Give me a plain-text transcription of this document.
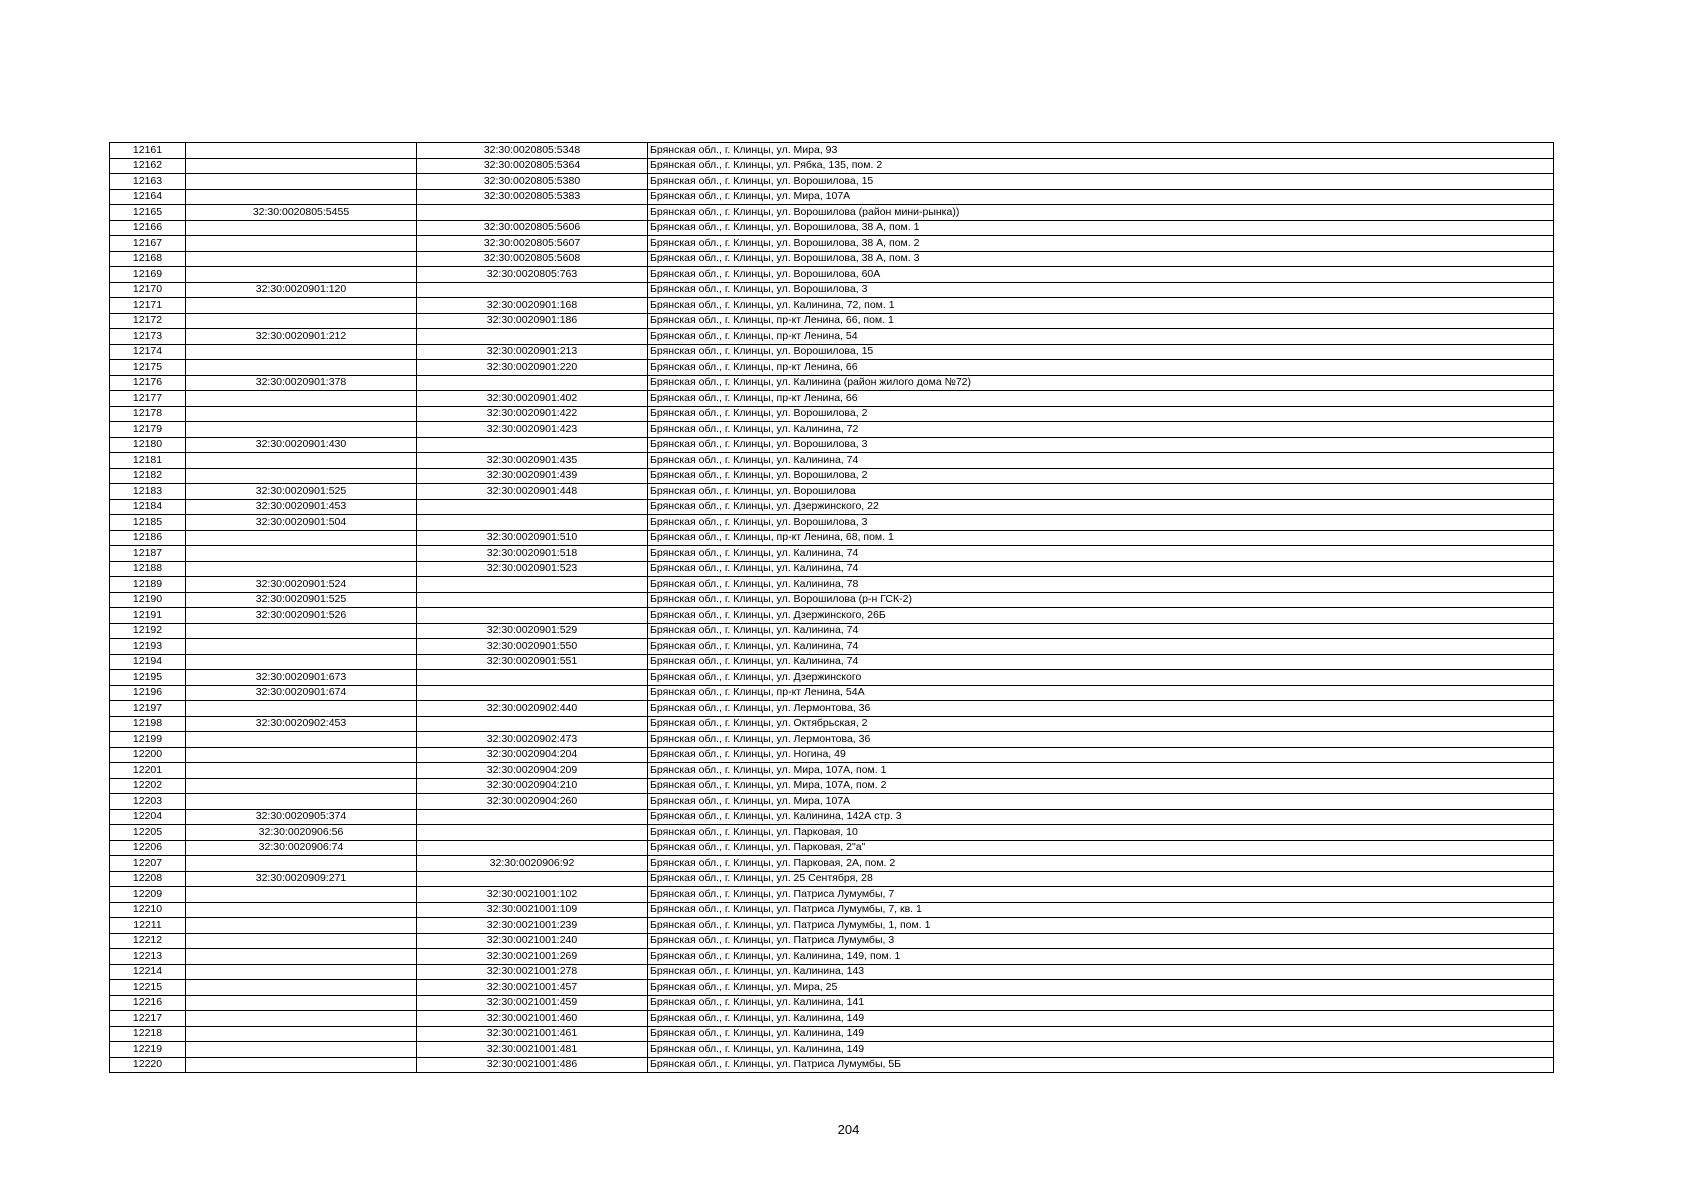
12161		32:30:0020805:5348	Брянская обл., г. Клинцы, ул. Мира, 93
12162		32:30:0020805:5364	Брянская обл., г. Клинцы, ул. Рябка, 135, пом. 2
12163		32:30:0020805:5380	Брянская обл., г. Клинцы, ул. Ворошилова, 15
12164		32:30:0020805:5383	Брянская обл., г. Клинцы, ул. Мира, 107А
12165	32:30:0020805:5455		Брянская обл., г. Клинцы, ул. Ворошилова (район мини-рынка))
12166		32:30:0020805:5606	Брянская обл., г. Клинцы, ул. Ворошилова, 38 А, пом. 1
12167		32:30:0020805:5607	Брянская обл., г. Клинцы, ул. Ворошилова, 38 А, пом. 2
12168		32:30:0020805:5608	Брянская обл., г. Клинцы, ул. Ворошилова, 38 А, пом. 3
12169		32:30:0020805:763	Брянская обл., г. Клинцы, ул. Ворошилова, 60А
12170	32:30:0020901:120		Брянская обл., г. Клинцы, ул. Ворошилова, 3
12171		32:30:0020901:168	Брянская обл., г. Клинцы, ул. Калинина, 72, пом. 1
12172		32:30:0020901:186	Брянская обл., г. Клинцы, пр-кт Ленина, 66, пом. 1
12173	32:30:0020901:212		Брянская обл., г. Клинцы, пр-кт Ленина, 54
12174		32:30:0020901:213	Брянская обл., г. Клинцы, ул. Ворошилова, 15
12175		32:30:0020901:220	Брянская обл., г. Клинцы, пр-кт Ленина, 66
12176	32:30:0020901:378		Брянская обл., г. Клинцы, ул. Калинина (район жилого дома №72)
12177		32:30:0020901:402	Брянская обл., г. Клинцы, пр-кт Ленина, 66
12178		32:30:0020901:422	Брянская обл., г. Клинцы, ул. Ворошилова, 2
12179		32:30:0020901:423	Брянская обл., г. Клинцы, ул. Калинина, 72
12180	32:30:0020901:430		Брянская обл., г. Клинцы, ул. Ворошилова, 3
12181		32:30:0020901:435	Брянская обл., г. Клинцы, ул. Калинина, 74
12182		32:30:0020901:439	Брянская обл., г. Клинцы, ул. Ворошилова, 2
12183	32:30:0020901:525	32:30:0020901:448	Брянская обл., г. Клинцы, ул. Ворошилова
12184	32:30:0020901:453		Брянская обл., г. Клинцы, ул. Дзержинского, 22
12185	32:30:0020901:504		Брянская обл., г. Клинцы, ул. Ворошилова, 3
12186		32:30:0020901:510	Брянская обл., г. Клинцы, пр-кт Ленина, 68, пом. 1
12187		32:30:0020901:518	Брянская обл., г. Клинцы, ул. Калинина, 74
12188		32:30:0020901:523	Брянская обл., г. Клинцы, ул. Калинина, 74
12189	32:30:0020901:524		Брянская обл., г. Клинцы, ул. Калинина, 78
12190	32:30:0020901:525		Брянская обл., г. Клинцы, ул. Ворошилова (р-н ГСК-2)
12191	32:30:0020901:526		Брянская обл., г. Клинцы, ул. Дзержинского, 26Б
12192		32:30:0020901:529	Брянская обл., г. Клинцы, ул. Калинина, 74
12193		32:30:0020901:550	Брянская обл., г. Клинцы, ул. Калинина, 74
12194		32:30:0020901:551	Брянская обл., г. Клинцы, ул. Калинина, 74
12195	32:30:0020901:673		Брянская обл., г. Клинцы, ул. Дзержинского
12196	32:30:0020901:674		Брянская обл., г. Клинцы, пр-кт Ленина, 54А
12197		32:30:0020902:440	Брянская обл., г. Клинцы, ул. Лермонтова, 36
12198	32:30:0020902:453		Брянская обл., г. Клинцы, ул. Октябрьская, 2
12199		32:30:0020902:473	Брянская обл., г. Клинцы, ул. Лермонтова, 36
12200		32:30:0020904:204	Брянская обл., г. Клинцы, ул. Ногина, 49
12201		32:30:0020904:209	Брянская обл., г. Клинцы, ул. Мира, 107А, пом. 1
12202		32:30:0020904:210	Брянская обл., г. Клинцы, ул. Мира, 107А, пом. 2
12203		32:30:0020904:260	Брянская обл., г. Клинцы, ул. Мира, 107А
12204	32:30:0020905:374		Брянская обл., г. Клинцы, ул. Калинина, 142А стр. 3
12205	32:30:0020906:56		Брянская обл., г. Клинцы, ул. Парковая, 10
12206	32:30:0020906:74		Брянская обл., г. Клинцы, ул. Парковая, 2"а"
12207		32:30:0020906:92	Брянская обл., г. Клинцы, ул. Парковая, 2А, пом. 2
12208	32:30:0020909:271		Брянская обл., г. Клинцы, ул. 25 Сентября, 28
12209		32:30:0021001:102	Брянская обл., г. Клинцы, ул. Патриса Лумумбы, 7
12210		32:30:0021001:109	Брянская обл., г. Клинцы, ул. Патриса Лумумбы, 7, кв. 1
12211		32:30:0021001:239	Брянская обл., г. Клинцы, ул. Патриса Лумумбы, 1, пом. 1
12212		32:30:0021001:240	Брянская обл., г. Клинцы, ул. Патриса Лумумбы, 3
12213		32:30:0021001:269	Брянская обл., г. Клинцы, ул. Калинина, 149, пом. 1
12214		32:30:0021001:278	Брянская обл., г. Клинцы, ул. Калинина, 143
12215		32:30:0021001:457	Брянская обл., г. Клинцы, ул. Мира, 25
12216		32:30:0021001:459	Брянская обл., г. Клинцы, ул. Калинина, 141
12217		32:30:0021001:460	Брянская обл., г. Клинцы, ул. Калинина, 149
12218		32:30:0021001:461	Брянская обл., г. Клинцы, ул. Калинина, 149
12219		32:30:0021001:481	Брянская обл., г. Клинцы, ул. Калинина, 149
12220		32:30:0021001:486	Брянская обл., г. Клинцы, ул. Патриса Лумумбы, 5Б
204
